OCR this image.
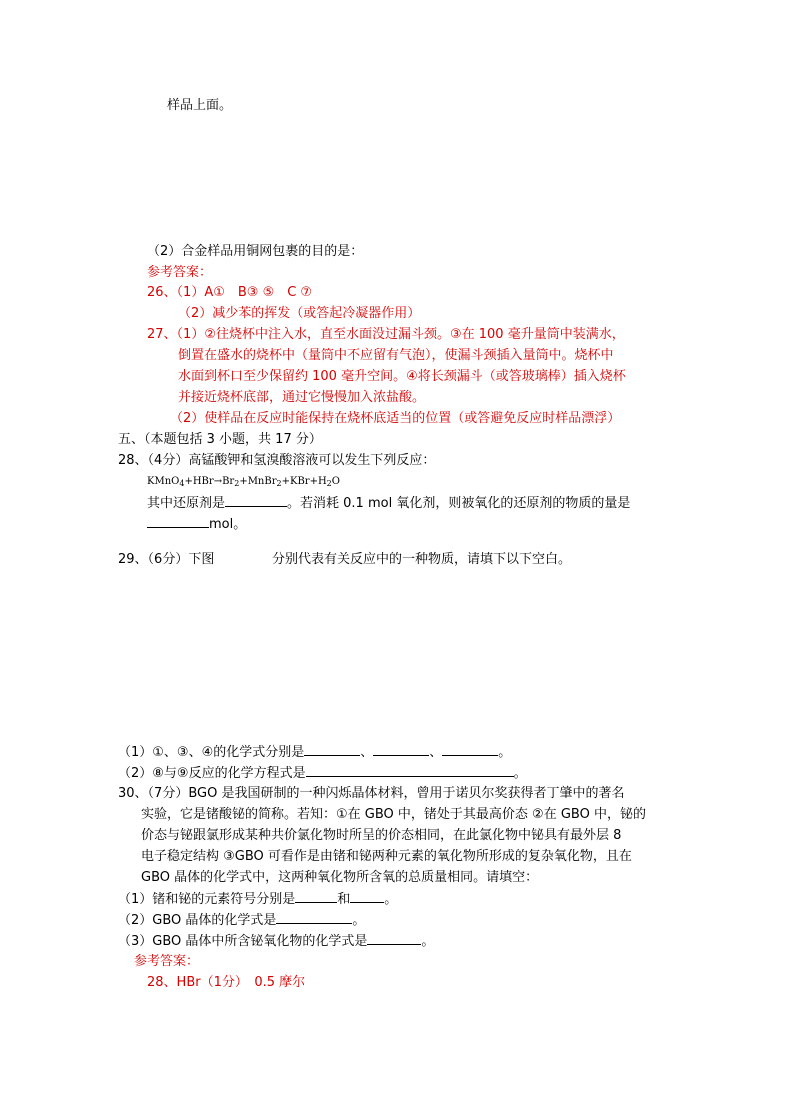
样品上面。
（2）合金样品用铜网包裹的目的是：
参考答案：
26、（1）A①　B③ ⑤　C ⑦
（2）减少苯的挥发（或答起冷凝器作用）
27、（1）②往烧杯中注入水，直至水面没过漏斗颈。③在 100 毫升量筒中装满水，
倒置在盛水的烧杯中（量筒中不应留有气泡），使漏斗颈插入量筒中。烧杯中
水面到杯口至少保留约 100 毫升空间。④将长颈漏斗（或答玻璃棒）插入烧杯
并接近烧杯底部，通过它慢慢加入浓盐酸。
（2）使样品在反应时能保持在烧杯底适当的位置（或答避免反应时样品漂浮）
五、（本题包括 3 小题，共 17 分）
28、（4分）高锰酸钾和氢溴酸溶液可以发生下列反应：
$KMnO_4+HBr\to Br_2+MnBr_2+KBr+H_2O$
其中还原剂是	。若消耗 0.1 mol 氧化剂，则被氧化的还原剂的物质的量是
mol。
29、（6分）下图	分别代表有关反应中的一种物质，请填下以下空白。
（1）①、③、④的化学式分别是	、	、	。
（2）⑧与⑨反应的化学方程式是	。
30、（7分）BGO 是我国研制的一种闪烁晶体材料，曾用于诺贝尔奖获得者丁肇中的著名
实验，它是锗酸铋的简称。若知：①在 GBO 中，锗处于其最高价态 ②在 GBO 中，铋的
价态与铋跟氯形成某种共价氯化物时所呈的价态相同，在此氯化物中铋具有最外层 8
电子稳定结构 ③GBO 可看作是由锗和铋两种元素的氧化物所形成的复杂氧化物，且在
GBO 晶体的化学式中，这两种氧化物所含氧的总质量相同。请填空：
（1）锗和铋的元素符号分别是	和	。
（2）GBO 晶体的化学式是	。
（3）GBO 晶体中所含铋氧化物的化学式是	。
参考答案：
28、HBr（1分）　0.5 摩尔
